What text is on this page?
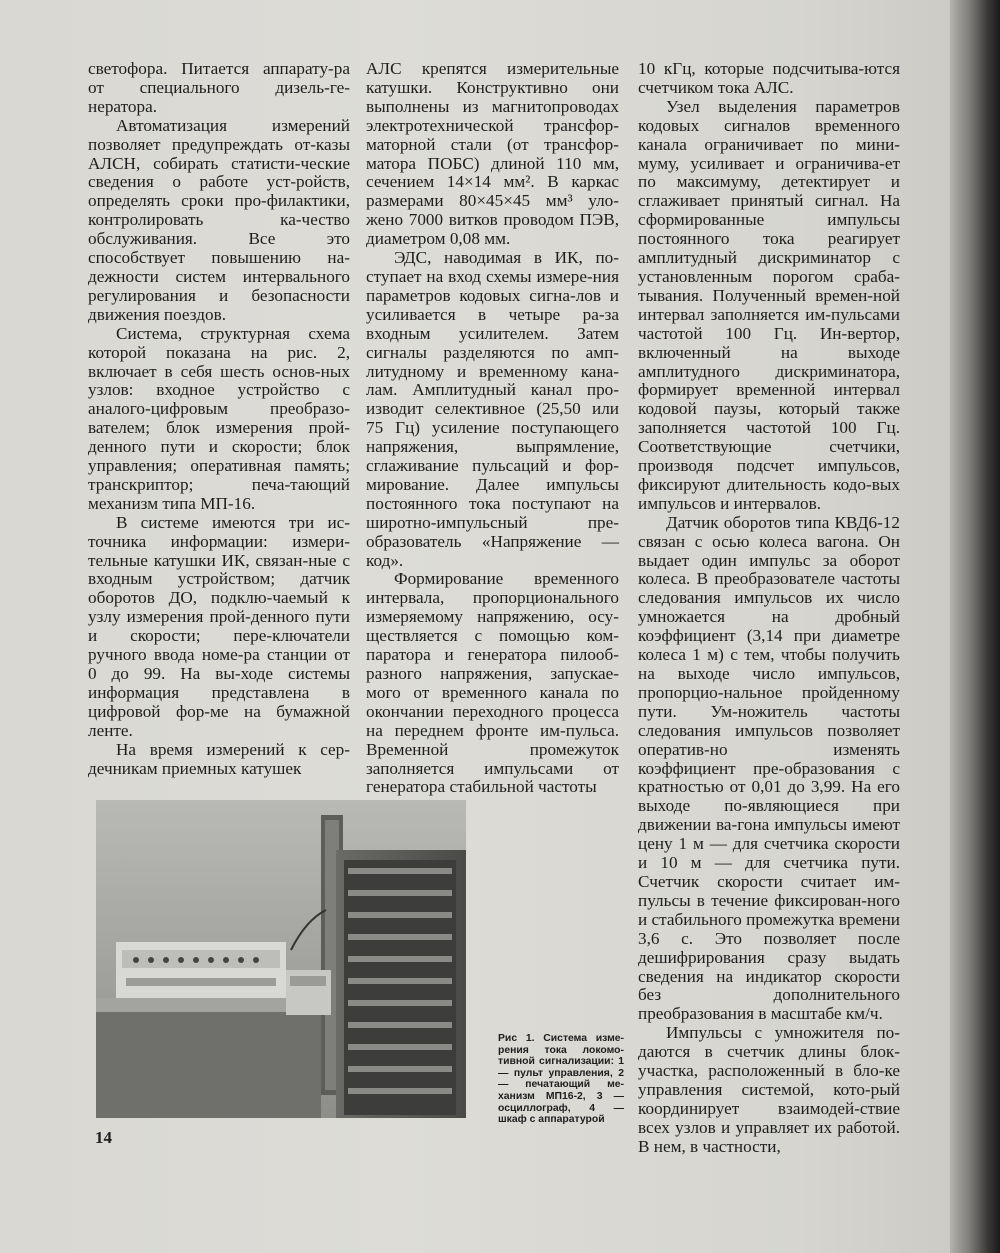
светофора. Питается аппарату-ра от специального дизель-ге-нератора.

Автоматизация измерений позволяет предупреждать от-казы АЛСН, собирать статисти-ческие сведения о работе уст-ройств, определять сроки про-филактики, контролировать ка-чество обслуживания. Все это способствует повышению на-дежности систем интервального регулирования и безопасности движения поездов.

Система, структурная схема которой показана на рис. 2, включает в себя шесть основ-ных узлов: входное устройство с аналого-цифровым преобразо-вателем; блок измерения прой-денного пути и скорости; блок управления; оперативная память; транскриптор; печа-тающий механизм типа МП-16.

В системе имеются три ис-точника информации: измери-тельные катушки ИК, связан-ные с входным устройством; датчик оборотов ДО, подклю-чаемый к узлу измерения прой-денного пути и скорости; пере-ключатели ручного ввода номе-ра станции от 0 до 99. На вы-ходе системы информация представлена в цифровой фор-ме на бумажной ленте.

На время измерений к сер-дечникам приемных катушек

АЛС крепятся измерительные катушки. Конструктивно они выполнены из магнитопроводах электротехнической трансфор-маторной стали (от трансфор-матора ПОБС) длиной 110 мм, сечением 14×14 мм². В каркас размерами 80×45×45 мм³ уло-жено 7000 витков проводом ПЭВ, диаметром 0,08 мм.

ЭДС, наводимая в ИК, по-ступает на вход схемы измере-ния параметров кодовых сигна-лов и усиливается в четыре ра-за входным усилителем. Затем сигналы разделяются по амп-литудному и временному кана-лам. Амплитудный канал про-изводит селективное (25,50 или 75 Гц) усиление поступающего напряжения, выпрямление, сглаживание пульсаций и фор-мирование. Далее импульсы постоянного тока поступают на широтно-импульсный пре-образователь «Напряжение — код».

Формирование временного интервала, пропорционального измеряемому напряжению, осу-ществляется с помощью ком-паратора и генератора пилооб-разного напряжения, запускае-мого от временного канала по окончании переходного процесса на переднем фронте им-пульса. Временной промежуток заполняется импульсами от генератора стабильной частоты

10 кГц, которые подсчитыва-ются счетчиком тока АЛС.

Узел выделения параметров кодовых сигналов временного канала ограничивает по мини-муму, усиливает и ограничива-ет по максимуму, детектирует и сглаживает принятый сигнал. На сформированные импульсы постоянного тока реагирует амплитудный дискриминатор с установленным порогом сраба-тывания. Полученный времен-ной интервал заполняется им-пульсами частотой 100 Гц. Ин-вертор, включенный на выходе амплитудного дискриминатора, формирует временной интервал кодовой паузы, который также заполняется частотой 100 Гц. Соответствующие счетчики, производя подсчет импульсов, фиксируют длительность кодо-вых импульсов и интервалов.

Датчик оборотов типа КВД6-12 связан с осью колеса вагона. Он выдает один импульс за оборот колеса. В преобразователе частоты следования импульсов их число умножается на дробный коэффициент (3,14 при диаметре колеса 1 м) с тем, чтобы получить на выходе число импульсов, пропорцио-нальное пройденному пути. Ум-ножитель частоты следования импульсов позволяет оператив-но изменять коэффициент пре-образования с кратностью от 0,01 до 3,99. На его выходе по-являющиеся при движении ва-гона импульсы имеют цену 1 м — для счетчика скорости и 10 м — для счетчика пути. Счетчик скорости считает им-пульсы в течение фиксирован-ного и стабильного промежутка времени 3,6 с. Это позволяет после дешифрирования сразу выдать сведения на индикатор скорости без дополнительного преобразования в масштабе км/ч.

Импульсы с умножителя по-даются в счетчик длины блок-участка, расположенный в бло-ке управления системой, кото-рый координирует взаимодей-ствие всех узлов и управляет их работой. В нем, в частности,

Рис 1. Система изме-рения тока локомо-тивной сигнализации: 1 — пульт управления, 2 — печатающий ме-ханизм МП16-2, 3 — осциллограф, 4 — шкаф с аппаратурой
14
